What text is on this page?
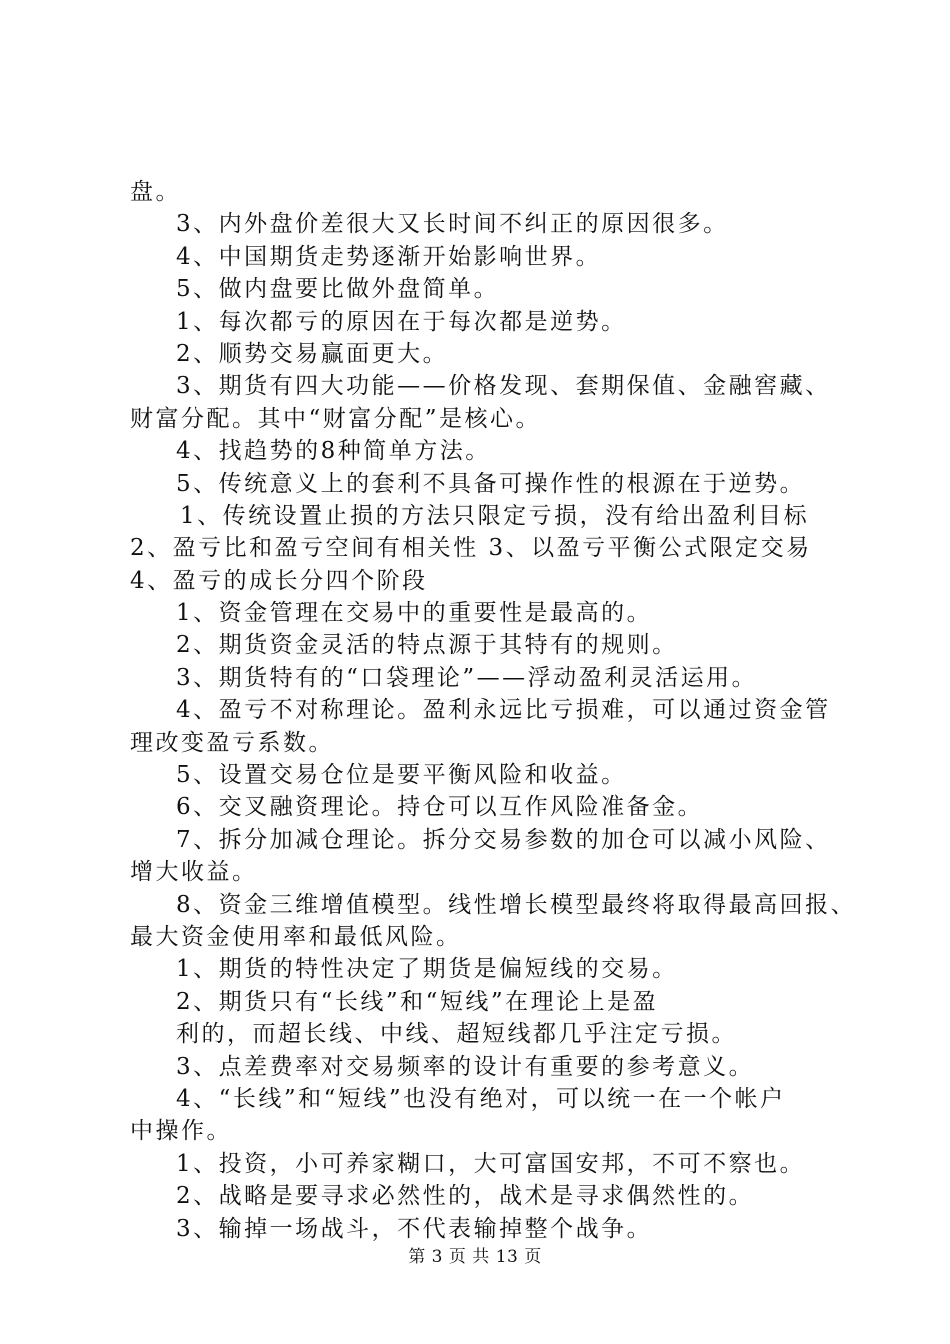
盘。
3、内外盘价差很大又长时间不纠正的原因很多。
4、中国期货走势逐渐开始影响世界。
5、做内盘要比做外盘简单。
1、每次都亏的原因在于每次都是逆势。
2、顺势交易赢面更大。
3、期货有四大功能——价格发现、套期保值、金融窖藏、
财富分配。其中“财富分配”是核心。
4、找趋势的8种简单方法。
5、传统意义上的套利不具备可操作性的根源在于逆势。
1、传统设置止损的方法只限定亏损，没有给出盈利目标
2、盈亏比和盈亏空间有相关性 3、以盈亏平衡公式限定交易
4、盈亏的成长分四个阶段
1、资金管理在交易中的重要性是最高的。
2、期货资金灵活的特点源于其特有的规则。
3、期货特有的“口袋理论”——浮动盈利灵活运用。
4、盈亏不对称理论。盈利永远比亏损难，可以通过资金管
理改变盈亏系数。
5、设置交易仓位是要平衡风险和收益。
6、交叉融资理论。持仓可以互作风险准备金。
7、拆分加减仓理论。拆分交易参数的加仓可以减小风险、
增大收益。
8、资金三维增值模型。线性增长模型最终将取得最高回报、
最大资金使用率和最低风险。
1、期货的特性决定了期货是偏短线的交易。
2、期货只有“长线”和“短线”在理论上是盈
利的，而超长线、中线、超短线都几乎注定亏损。
3、点差费率对交易频率的设计有重要的参考意义。
4、“长线”和“短线”也没有绝对，可以统一在一个帐户
中操作。
1、投资，小可养家糊口，大可富国安邦，不可不察也。
2、战略是要寻求必然性的，战术是寻求偶然性的。
3、输掉一场战斗，不代表输掉整个战争。
第 3 页 共 13 页
